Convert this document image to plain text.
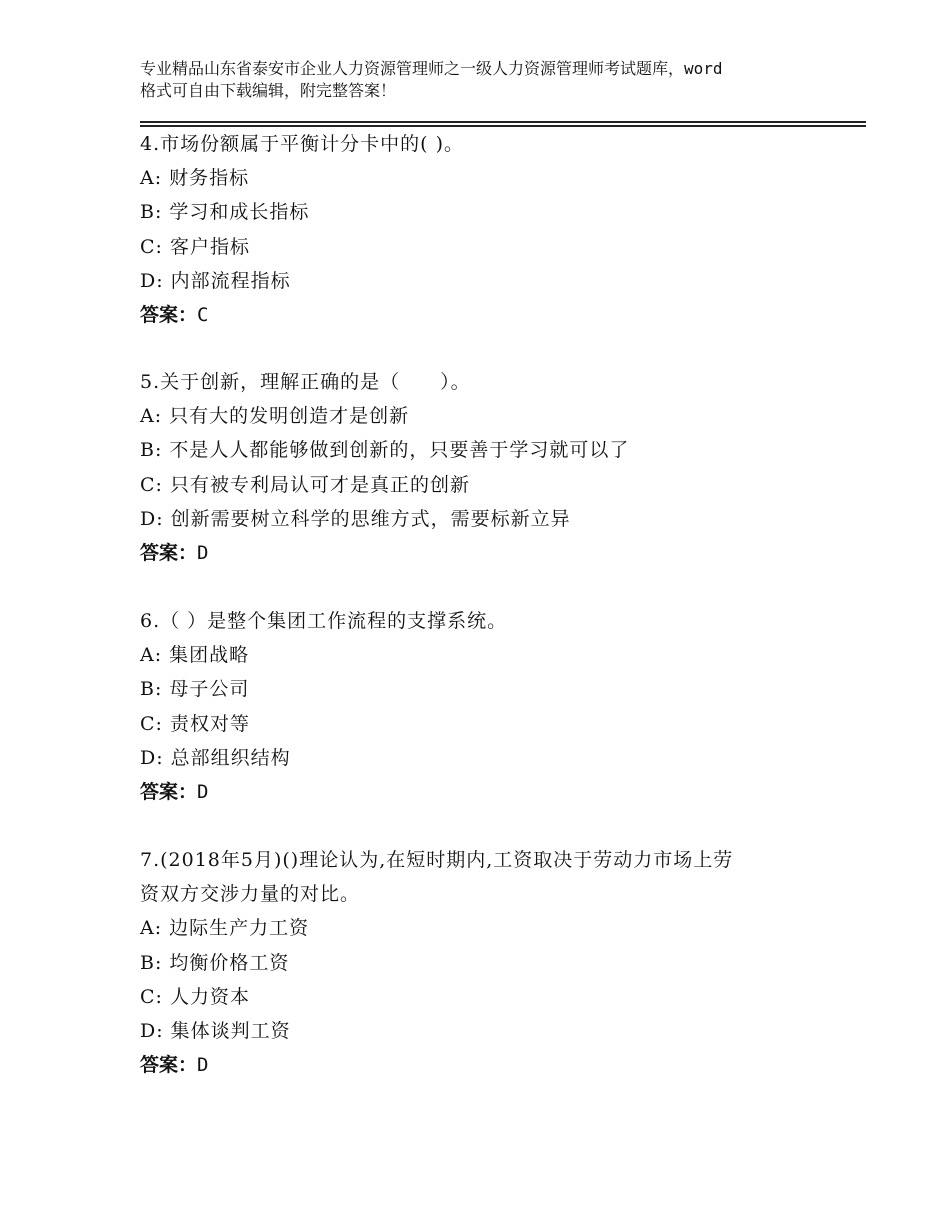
专业精品山东省泰安市企业人力资源管理师之一级人力资源管理师考试题库，word
格式可自由下载编辑，附完整答案！
4.市场份额属于平衡计分卡中的( )。
A: 财务指标
B: 学习和成长指标
C: 客户指标
D: 内部流程指标
答案：C
5.关于创新，理解正确的是（　　）。
A: 只有大的发明创造才是创新
B: 不是人人都能够做到创新的，只要善于学习就可以了
C: 只有被专利局认可才是真正的创新
D: 创新需要树立科学的思维方式，需要标新立异
答案：D
6.（ ）是整个集团工作流程的支撑系统。
A: 集团战略
B: 母子公司
C: 责权对等
D: 总部组织结构
答案：D
7.(2018年5月)()理论认为,在短时期内,工资取决于劳动力市场上劳
资双方交涉力量的对比。
A: 边际生产力工资
B: 均衡价格工资
C: 人力资本
D: 集体谈判工资
答案：D
